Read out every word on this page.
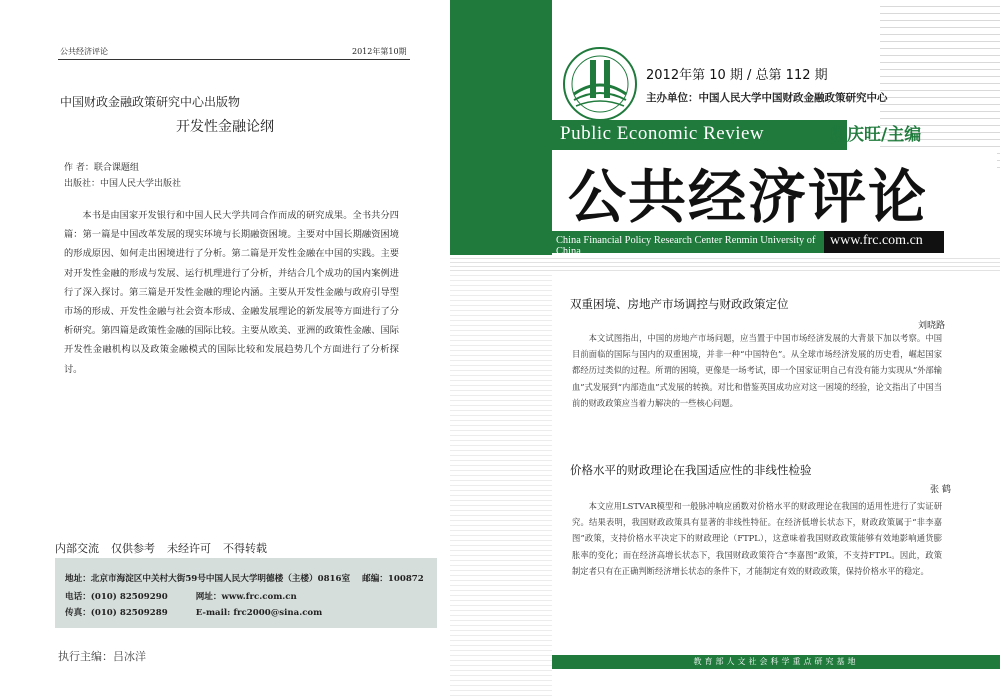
公共经济评论	2012年第10期
中国财政金融政策研究中心出版物
开发性金融论纲
作 者：联合课题组
出版社：中国人民大学出版社

本书是由国家开发银行和中国人民大学共同合作而成的研究成果。全书共分四篇：第一篇是中国改革发展的现实环境与长期融资困境。主要对中国长期融资困境的形成原因、如何走出困境进行了分析。第二篇是开发性金融在中国的实践。主要对开发性金融的形成与发展、运行机理进行了分析，并结合几个成功的国内案例进行了深入探讨。第三篇是开发性金融的理论内涵。主要从开发性金融与政府引导型市场的形成、开发性金融与社会资本形成、金融发展理论的新发展等方面进行了分析研究。第四篇是政策性金融的国际比较。主要从欧美、亚洲的政策性金融、国际开发性金融机构以及政策金融模式的国际比较和发展趋势几个方面进行了分析探讨。

内部交流 仅供参考 未经许可 不得转载
地址：北京市海淀区中关村大街59号中国人民大学明德楼（主楼）0816室 邮编：100872
电话：(010) 82509290	网址：www.frc.com.cn
传真：(010) 82509289	E-mail: frc2000@sina.com
执行主编：吕冰洋
2012年第 10 期 / 总第 112 期
主办单位：中国人民大学中国财政金融政策研究中心
Public Economic Review	郭庆旺/主编
公共经济评论
China Financial Policy Research Center Renmin University of China
www.frc.com.cn
双重困境、房地产市场调控与财政政策定位
刘晓路

本文试图指出，中国的房地产市场问题，应当置于中国市场经济发展的大背景下加以考察。中国目前面临的国际与国内的双重困境，并非一种“中国特色”。从全球市场经济发展的历史看，崛起国家都经历过类似的过程。所谓的困境，更像是一场考试，即一个国家证明自己有没有能力实现从“外部输血”式发展到“内部造血”式发展的转换。对比和借鉴英国成功应对这一困境的经验，论文指出了中国当前的财政政策应当着力解决的一些核心问题。

价格水平的财政理论在我国适应性的非线性检验
张 鹤

本文应用LSTVAR模型和一般脉冲响应函数对价格水平的财政理论在我国的适用性进行了实证研究。结果表明，我国财政政策具有显著的非线性特征。在经济低增长状态下，财政政策属于“非李嘉图”政策，支持价格水平决定下的财政理论（FTPL），这意味着我国财政政策能够有效地影响通货膨胀率的变化；而在经济高增长状态下，我国财政政策符合“李嘉图”政策，不支持FTPL。因此，政策制定者只有在正确判断经济增长状态的条件下，才能制定有效的财政政策，保持价格水平的稳定。

教育部人文社会科学重点研究基地
